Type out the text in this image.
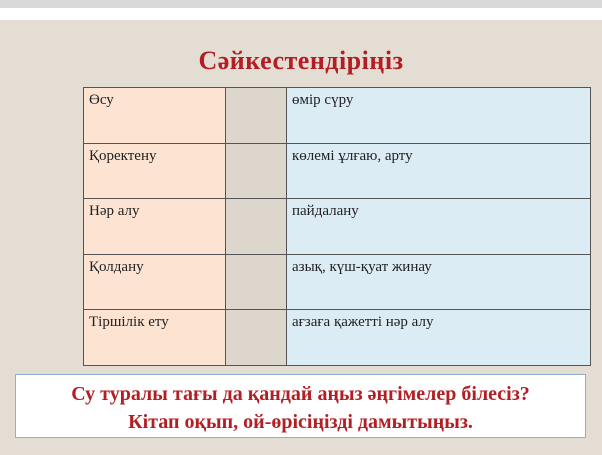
Сәйкестендіріңіз
Өсу		өмір сүру
Қоректену		көлемі ұлғаю, арту
Нәр алу		пайдалану
Қолдану		азық, күш-қуат жинау
Тіршілік ету		ағзаға қажетті нәр алу
Су туралы тағы да қандай аңыз әңгімелер білесіз?
Кітап оқып, ой-өрісіңізді дамытыңыз.
